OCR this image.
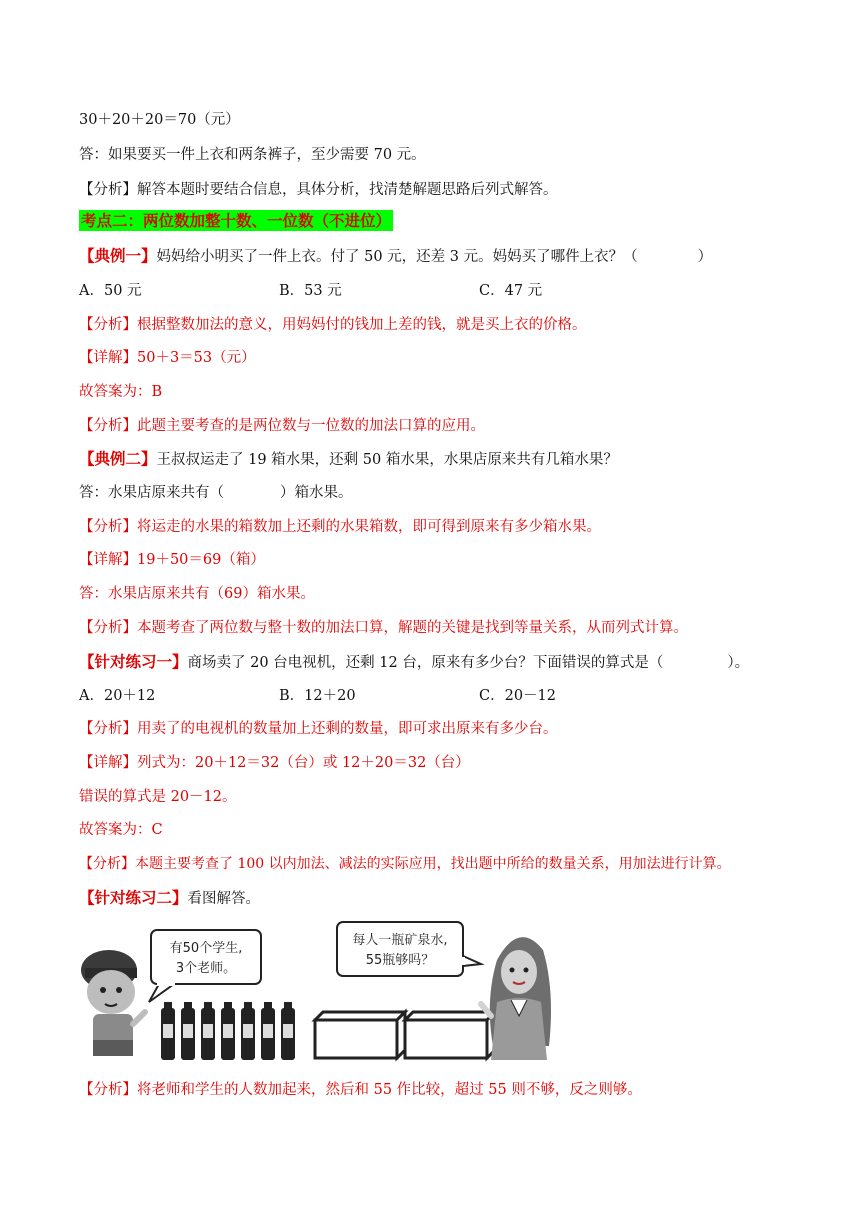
30＋20＋20＝70（元）
答：如果要买一件上衣和两条裤子，至少需要 70 元。
【分析】解答本题时要结合信息，具体分析，找清楚解题思路后列式解答。
考点二：两位数加整十数、一位数（不进位）
【典例一】妈妈给小明买了一件上衣。付了 50 元，还差 3 元。妈妈买了哪件上衣？（	）
A．50 元	B．53 元	C．47 元
【分析】根据整数加法的意义，用妈妈付的钱加上差的钱，就是买上衣的价格。
【详解】50＋3＝53（元）
故答案为：B
【分析】此题主要考查的是两位数与一位数的加法口算的应用。
【典例二】王叔叔运走了 19 箱水果，还剩 50 箱水果，水果店原来共有几箱水果？
答：水果店原来共有（	）箱水果。
【分析】将运走的水果的箱数加上还剩的水果箱数，即可得到原来有多少箱水果。
【详解】19＋50＝69（箱）
答：水果店原来共有（69）箱水果。
【分析】本题考查了两位数与整十数的加法口算，解题的关键是找到等量关系，从而列式计算。
【针对练习一】商场卖了 20 台电视机，还剩 12 台，原来有多少台？下面错误的算式是（	）。
A．20＋12	B．12＋20	C．20－12
【分析】用卖了的电视机的数量加上还剩的数量，即可求出原来有多少台。
【详解】列式为：20＋12＝32（台）或 12＋20＝32（台）
错误的算式是 20－12。
故答案为：C
【分析】本题主要考查了 100 以内加法、减法的实际应用，找出题中所给的数量关系，用加法进行计算。
【针对练习二】看图解答。
有50个学生,
3个老师。
每人一瓶矿泉水,
55瓶够吗？
【分析】将老师和学生的人数加起来，然后和 55 作比较，超过 55 则不够，反之则够。
